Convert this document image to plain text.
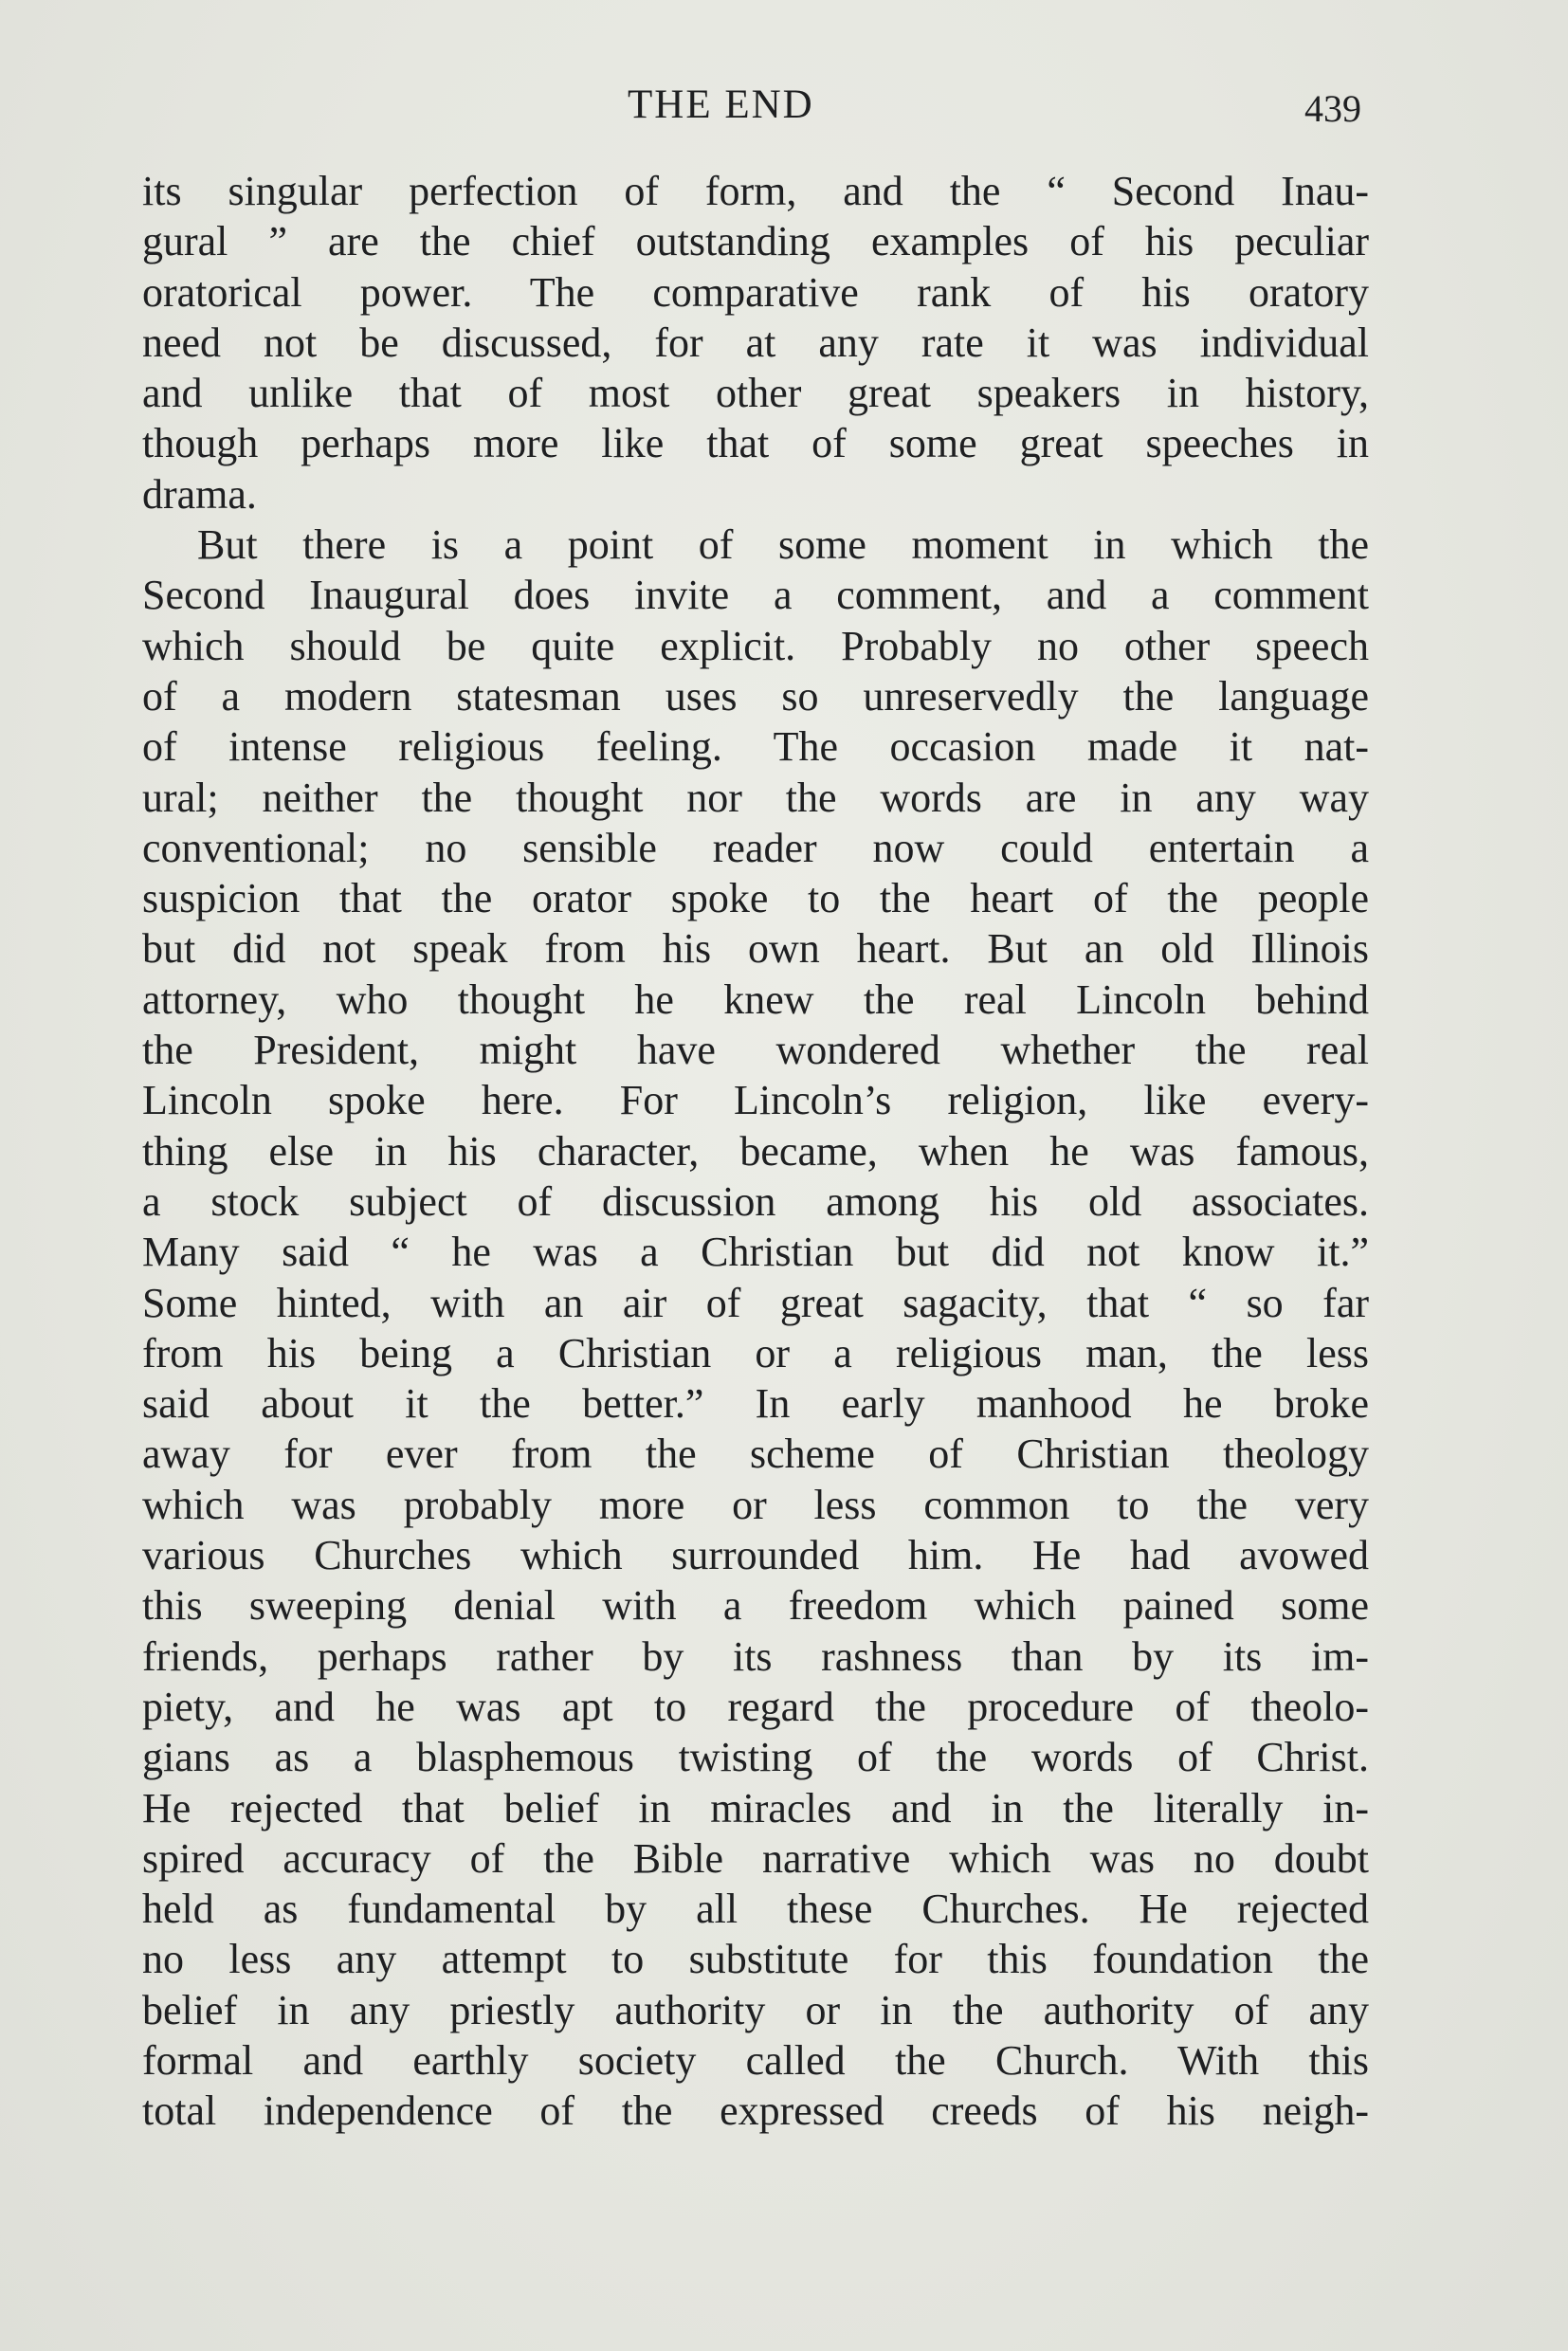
THE END	439
its singular perfection of form, and the “ Second Inau-
gural ” are the chief outstanding examples of his peculiar
oratorical power. The comparative rank of his oratory
need not be discussed, for at any rate it was individual
and unlike that of most other great speakers in history,
though perhaps more like that of some great speeches in
drama.
But there is a point of some moment in which the
Second Inaugural does invite a comment, and a comment
which should be quite explicit. Probably no other speech
of a modern statesman uses so unreservedly the language
of intense religious feeling. The occasion made it nat-
ural; neither the thought nor the words are in any way
conventional; no sensible reader now could entertain a
suspicion that the orator spoke to the heart of the people
but did not speak from his own heart. But an old Illinois
attorney, who thought he knew the real Lincoln behind
the President, might have wondered whether the real
Lincoln spoke here. For Lincoln’s religion, like every-
thing else in his character, became, when he was famous,
a stock subject of discussion among his old associates.
Many said “ he was a Christian but did not know it.”
Some hinted, with an air of great sagacity, that “ so far
from his being a Christian or a religious man, the less
said about it the better.” In early manhood he broke
away for ever from the scheme of Christian theology
which was probably more or less common to the very
various Churches which surrounded him. He had avowed
this sweeping denial with a freedom which pained some
friends, perhaps rather by its rashness than by its im-
piety, and he was apt to regard the procedure of theolo-
gians as a blasphemous twisting of the words of Christ.
He rejected that belief in miracles and in the literally in-
spired accuracy of the Bible narrative which was no doubt
held as fundamental by all these Churches. He rejected
no less any attempt to substitute for this foundation the
belief in any priestly authority or in the authority of any
formal and earthly society called the Church. With this
total independence of the expressed creeds of his neigh-
